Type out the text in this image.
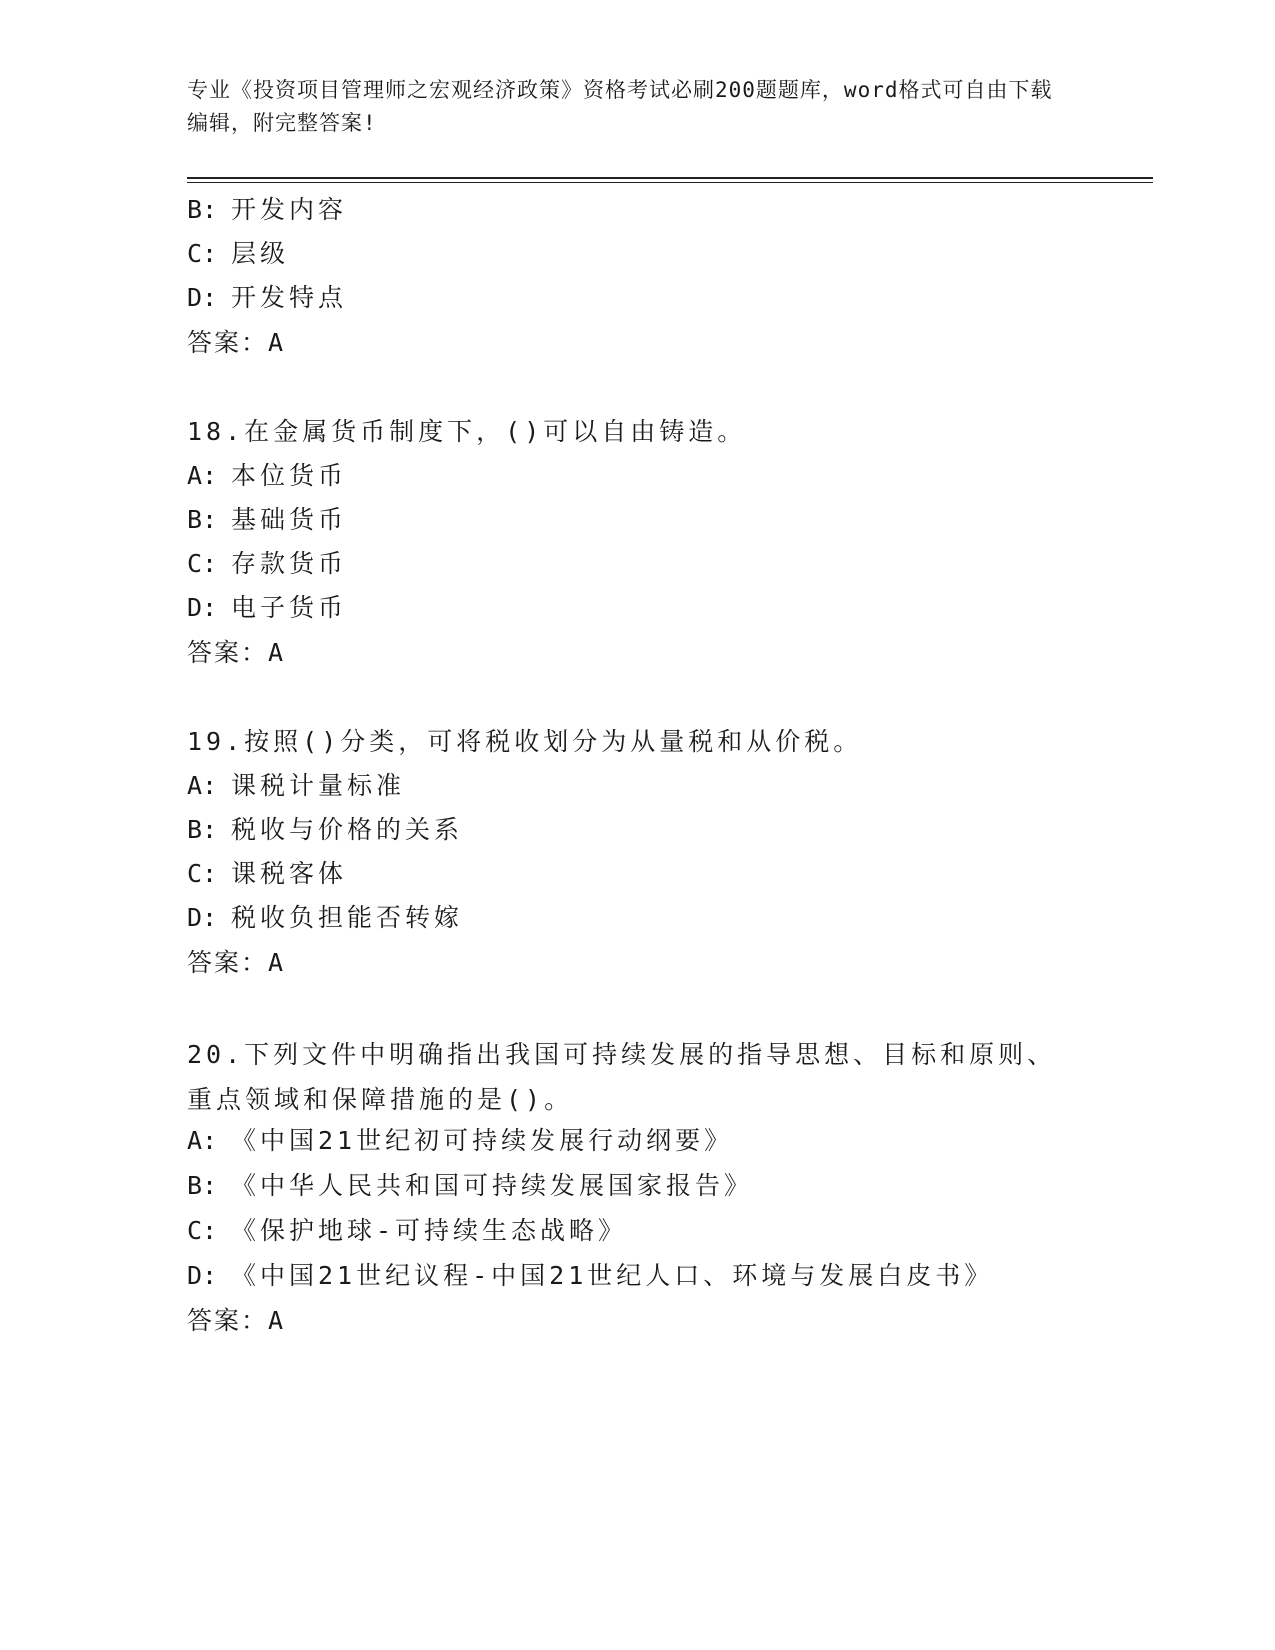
专业《投资项目管理师之宏观经济政策》资格考试必刷200题题库，word格式可自由下载编辑，附完整答案!
B: 开发内容
C: 层级
D: 开发特点
答案：A
18.在金属货币制度下，()可以自由铸造。
A: 本位货币
B: 基础货币
C: 存款货币
D: 电子货币
答案：A
19.按照()分类，可将税收划分为从量税和从价税。
A: 课税计量标准
B: 税收与价格的关系
C: 课税客体
D: 税收负担能否转嫁
答案：A
20.下列文件中明确指出我国可持续发展的指导思想、目标和原则、重点领域和保障措施的是()。
A: 《中国21世纪初可持续发展行动纲要》
B: 《中华人民共和国可持续发展国家报告》
C: 《保护地球-可持续生态战略》
D: 《中国21世纪议程-中国21世纪人口、环境与发展白皮书》
答案：A
